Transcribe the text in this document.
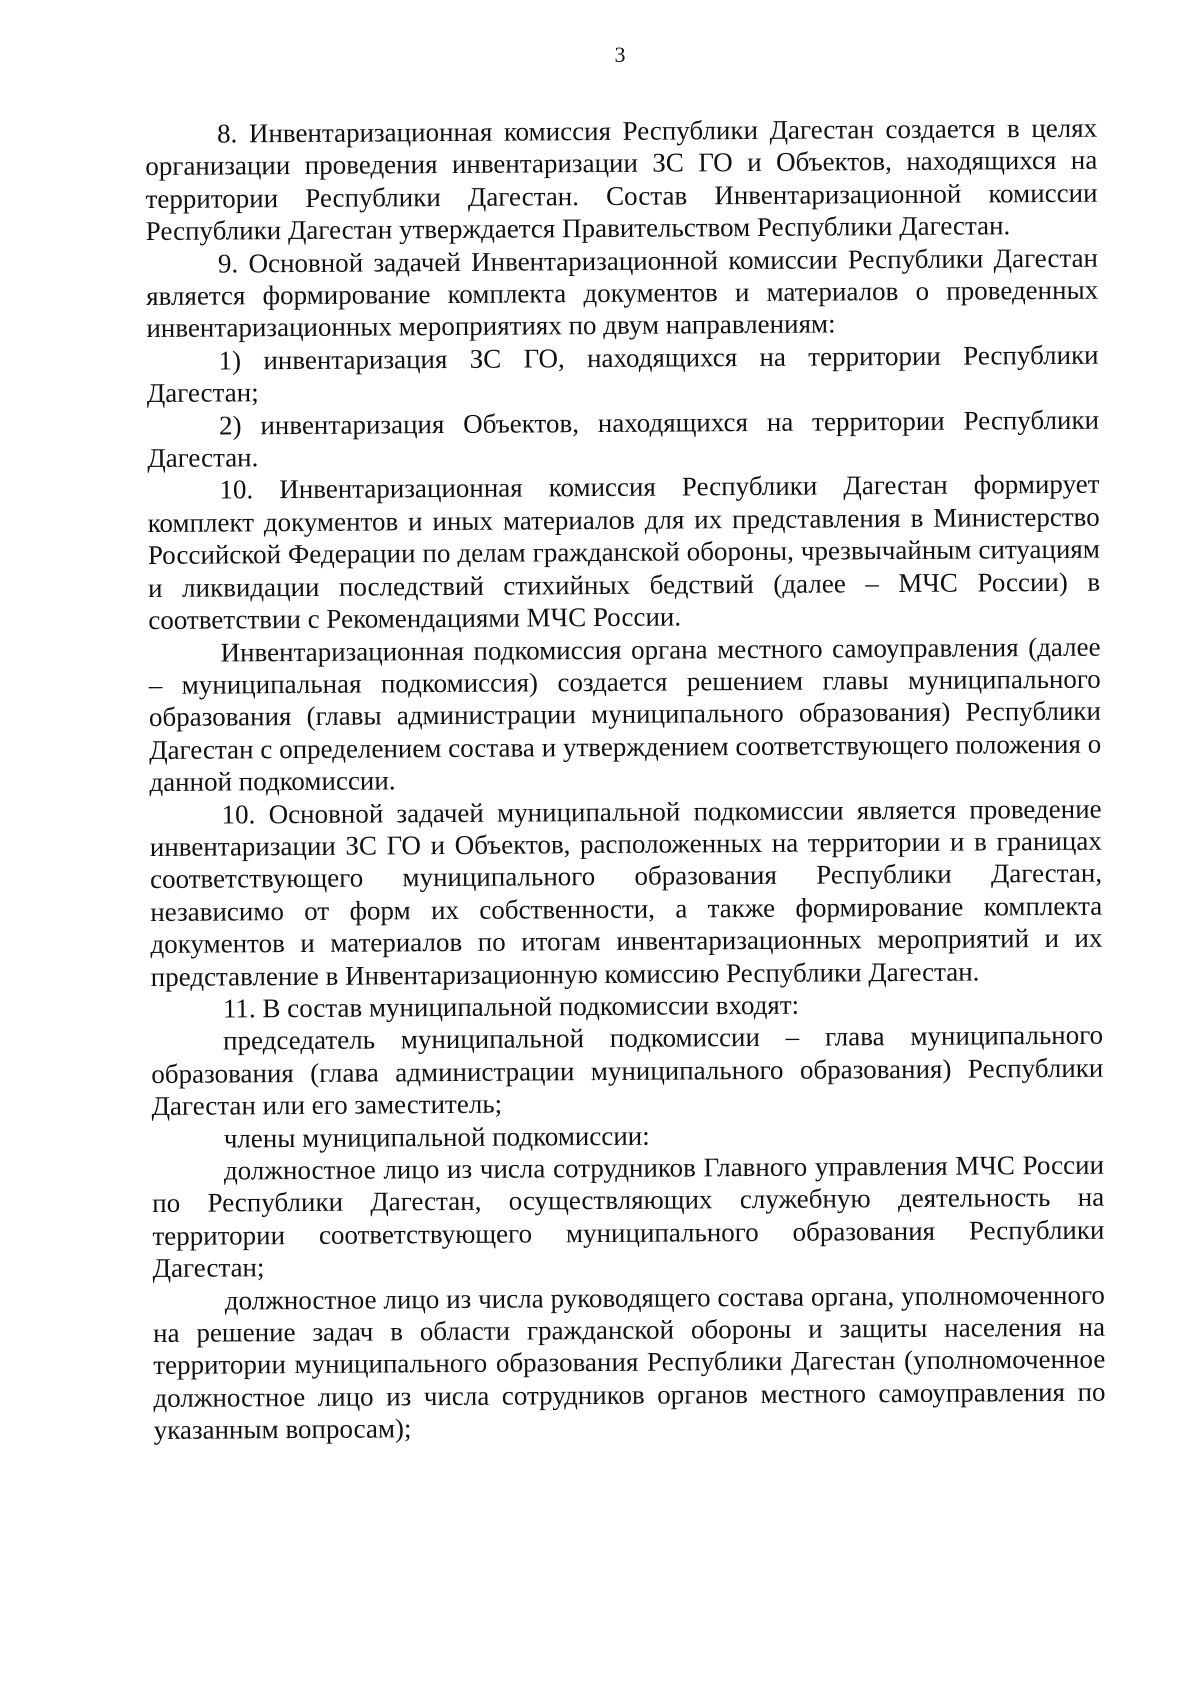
3

8. Инвентаризационная комиссия Республики Дагестан создается в целях организации проведения инвентаризации ЗС ГО и Объектов, находящихся на территории Республики Дагестан. Состав Инвентаризационной комиссии Республики Дагестан утверждается Правительством Республики Дагестан.

9. Основной задачей Инвентаризационной комиссии Республики Дагестан является формирование комплекта документов и материалов о проведенных инвентаризационных мероприятиях по двум направлениям:

1) инвентаризация ЗС ГО, находящихся на территории Республики Дагестан;

2) инвентаризация Объектов, находящихся на территории Республики Дагестан.

10. Инвентаризационная комиссия Республики Дагестан формирует комплект документов и иных материалов для их представления в Министерство Российской Федерации по делам гражданской обороны, чрезвычайным ситуациям и ликвидации последствий стихийных бедствий (далее – МЧС России) в соответствии с Рекомендациями МЧС России.

Инвентаризационная подкомиссия органа местного самоуправления (далее – муниципальная подкомиссия) создается решением главы муниципального образования (главы администрации муниципального образования) Республики Дагестан с определением состава и утверждением соответствующего положения о данной подкомиссии.

10. Основной задачей муниципальной подкомиссии является проведение инвентаризации ЗС ГО и Объектов, расположенных на территории и в границах соответствующего муниципального образования Республики Дагестан, независимо от форм их собственности, а также формирование комплекта документов и материалов по итогам инвентаризационных мероприятий и их представление в Инвентаризационную комиссию Республики Дагестан.

11. В состав муниципальной подкомиссии входят:

председатель муниципальной подкомиссии – глава муниципального образования (глава администрации муниципального образования) Республики Дагестан или его заместитель;

члены муниципальной подкомиссии:

должностное лицо из числа сотрудников Главного управления МЧС России по Республики Дагестан, осуществляющих служебную деятельность на территории соответствующего муниципального образования Республики Дагестан;

должностное лицо из числа руководящего состава органа, уполномоченного на решение задач в области гражданской обороны и защиты населения на территории муниципального образования Республики Дагестан (уполномоченное должностное лицо из числа сотрудников органов местного самоуправления по указанным вопросам);
